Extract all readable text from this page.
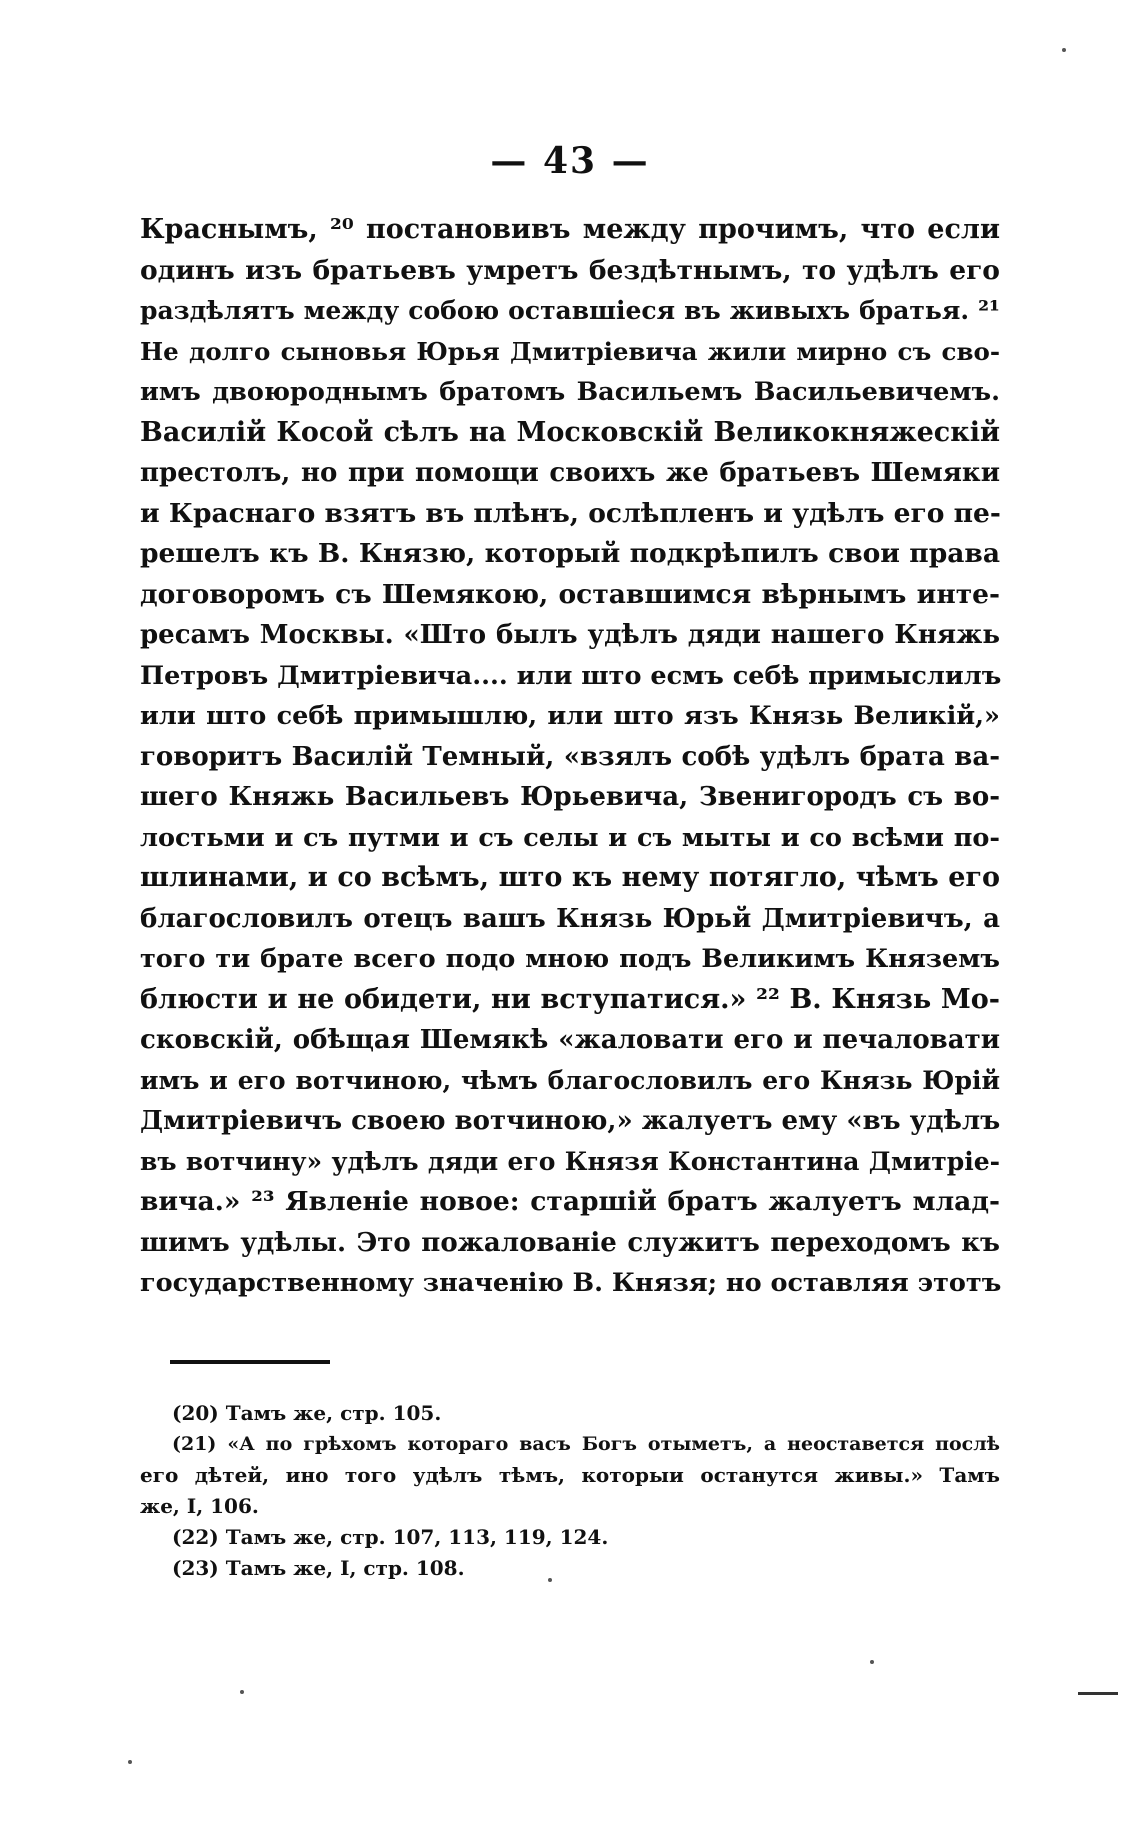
— 43 —
Краснымъ, ²⁰ постановивъ между прочимъ, что если
одинъ изъ братьевъ умретъ бездѣтнымъ, то удѣлъ его
раздѣлятъ между собою оставшіеся въ живыхъ братья. ²¹
Не долго сыновья Юрья Дмитріевича жили мирно съ сво-
имъ двоюроднымъ братомъ Васильемъ Васильевичемъ.
Василій Косой сѣлъ на Московскій Великокняжескій
престолъ, но при помощи своихъ же братьевъ Шемяки
и Краснаго взятъ въ плѣнъ, ослѣпленъ и удѣлъ его пе-
решелъ къ В. Князю, который подкрѣпилъ свои права
договоромъ съ Шемякою, оставшимся вѣрнымъ инте-
ресамъ Москвы. «Што былъ удѣлъ дяди нашего Княжь
Петровъ Дмитріевича.... или што есмъ себѣ примыслилъ
или што себѣ примышлю, или што язъ Князь Великій,»
говоритъ Василій Темный, «взялъ собѣ удѣлъ брата ва-
шего Княжь Васильевъ Юрьевича, Звенигородъ съ во-
лостьми и съ путми и съ селы и съ мыты и со всѣми по-
шлинами, и со всѣмъ, што къ нему потягло, чѣмъ его
благословилъ отецъ вашъ Князь Юрьй Дмитріевичъ, а
того ти брате всего подо мною подъ Великимъ Княземъ
блюсти и не обидети, ни вступатися.» ²² В. Князь Мо-
сковскій, обѣщая Шемякѣ «жаловати его и печаловати
имъ и его вотчиною, чѣмъ благословилъ его Князь Юрій
Дмитріевичъ своею вотчиною,» жалуетъ ему «въ удѣлъ
въ вотчину» удѣлъ дяди его Князя Константина Дмитріе-
вича.» ²³ Явленіе новое: старшій братъ жалуетъ млад-
шимъ удѣлы. Это пожалованіе служитъ переходомъ къ
государственному значенію В. Князя; но оставляя этотъ
(20) Тамъ же, стр. 105.
(21) «А по грѣхомъ котораго васъ Богъ отыметъ, а неоставется послѣ
его дѣтей, ино того удѣлъ тѣмъ, которыи останутся живы.» Тамъ
же, I, 106.
(22) Тамъ же, стр. 107, 113, 119, 124.
(23) Тамъ же, I, стр. 108.
